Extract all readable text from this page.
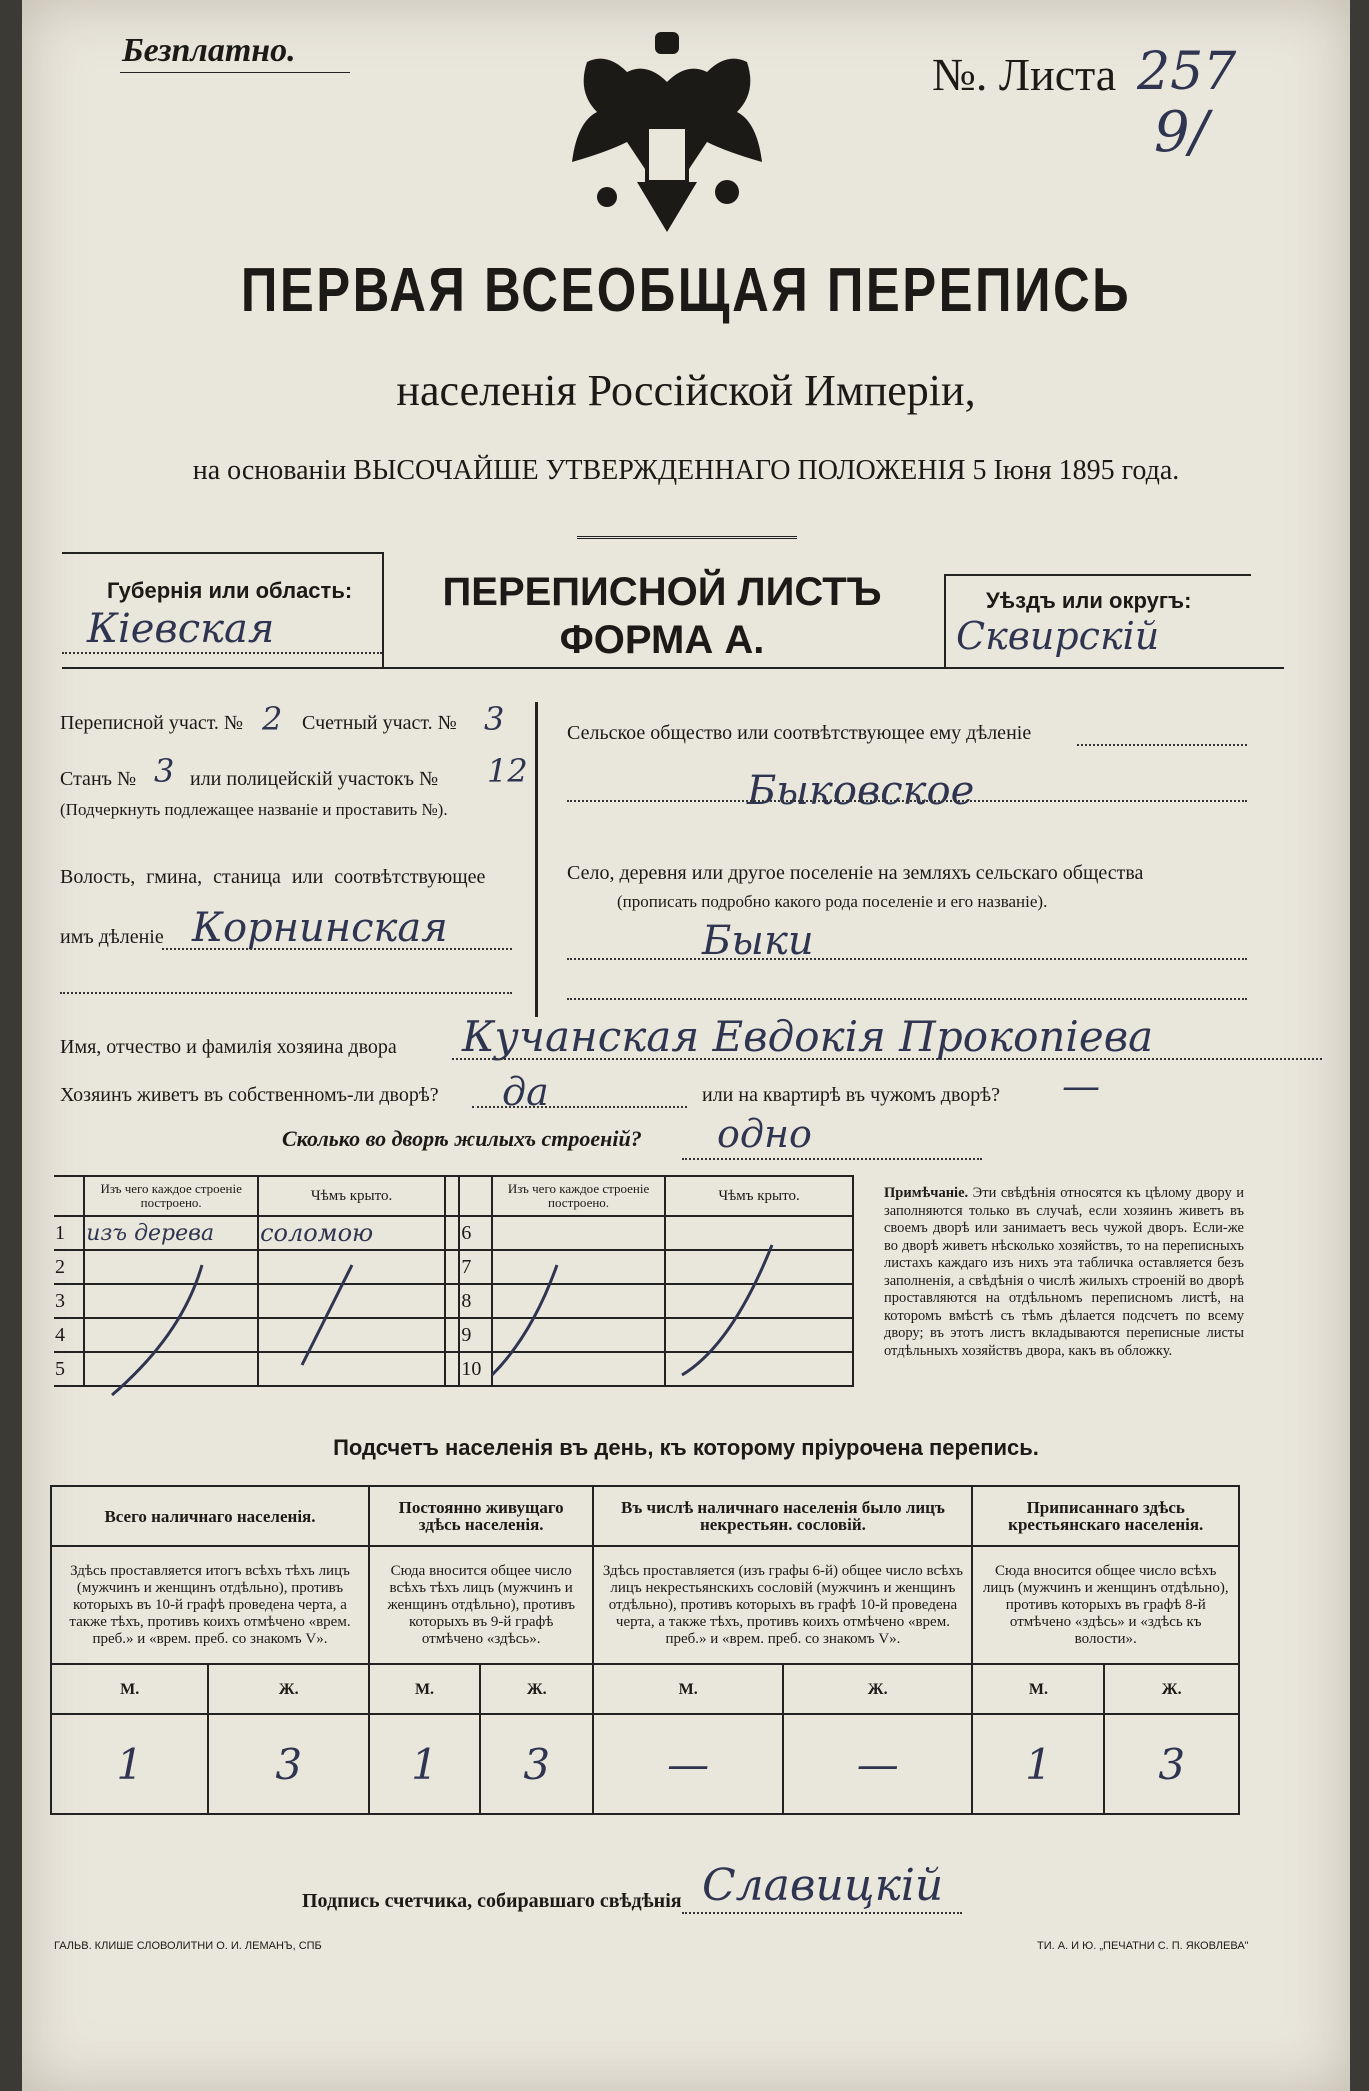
Безплатно.	№. Листа 257
9/
ПЕРВАЯ ВСЕОБЩАЯ ПЕРЕПИСЬ
населенія Россійской Имперіи,
на основаніи ВЫСОЧАЙШЕ УТВЕРЖДЕННАГО ПОЛОЖЕНІЯ 5 Іюня 1895 года.
Губернія или область:
Кіевская
ПЕРЕПИСНОЙ ЛИСТЪ
ФОРМА А.
Уѣздъ или округъ:
Сквирскій
Переписной участ. № 2 Счетный участ. № 3
Станъ № 3 или полицейскій участокъ № 12
(Подчеркнуть подлежащее названіе и проставить №).
Волость, гмина, станица или соотвѣтствующее
имъ дѣленіе Корнинская
Сельское общество или соотвѣтствующее ему дѣленіе
Быковское
Село, деревня или другое поселеніе на земляхъ сельскаго общества
(прописать подробно какого рода поселеніе и его названіе).
Быки
Имя, отчество и фамилія хозяина двора Кучанская Евдокія Прокопіева
Хозяинъ живетъ въ собственномъ-ли дворѣ? да	или на квартирѣ въ чужомъ дворѣ? —
Сколько во дворѣ жилыхъ строеній? одно
	Изъ чего каждое строеніе построено.	Чѣмъ крыто.			Изъ чего каждое строеніе построено.	Чѣмъ крыто.
1	изъ дерева	соломою		6		
2				7		
3				8		
4				9		
5				10		
Примѣчаніе. Эти свѣдѣнія относятся къ цѣлому двору и заполняются только въ случаѣ, если хозяинъ живетъ въ своемъ дворѣ или занимаетъ весь чужой дворъ. Если-же во дворѣ живетъ нѣсколько хозяйствъ, то на переписныхъ листахъ каждаго изъ нихъ эта табличка оставляется безъ заполненія, а свѣдѣнія о числѣ жилыхъ строеній во дворѣ проставляются на отдѣльномъ переписномъ листѣ, на которомъ вмѣстѣ съ тѣмъ дѣлается подсчетъ по всему двору; въ этотъ листъ вкладываются переписные листы отдѣльныхъ хозяйствъ двора, какъ въ обложку.
Подсчетъ населенія въ день, къ которому пріурочена перепись.
Всего наличнаго населенія.		Постоянно живущаго здѣсь населенія.		Въ числѣ наличнаго населенія было лицъ некрестьян. сословій.		Приписаннаго здѣсь крестьянскаго населенія.	
Здѣсь проставляется итогъ всѣхъ тѣхъ лицъ (мужчинъ и женщинъ отдѣльно), противъ которыхъ въ 10-й графѣ проведена черта, а также тѣхъ, противъ коихъ отмѣчено «врем. преб.» и «врем. преб. со знакомъ V».		Сюда вносится общее число всѣхъ тѣхъ лицъ (мужчинъ и женщинъ отдѣльно), противъ которыхъ въ 9-й графѣ отмѣчено «здѣсь».		Здѣсь проставляется (изъ графы 6-й) общее число всѣхъ лицъ некрестьянскихъ сословій (мужчинъ и женщинъ отдѣльно), противъ которыхъ въ графѣ 10-й проведена черта, а также тѣхъ, противъ коихъ отмѣчено «врем. преб.» и «врем. преб. со знакомъ V».		Сюда вносится общее число всѣхъ лицъ (мужчинъ и женщинъ отдѣльно), противъ которыхъ въ графѣ 8-й отмѣчено «здѣсь» и «здѣсь къ волости».	
М.	Ж.	М.	Ж.	М.	Ж.	М.	Ж.
1	3	1	3	—	—	1	3
Подпись счетчика, собиравшаго свѣдѣнія Славицкій
ГАЛЬВ. КЛИШЕ СЛОВОЛИТНИ О. И. ЛЕМАНЪ, СПБ	ТИ. А. И Ю. „ПЕЧАТНИ С. П. ЯКОВЛЕВА"
